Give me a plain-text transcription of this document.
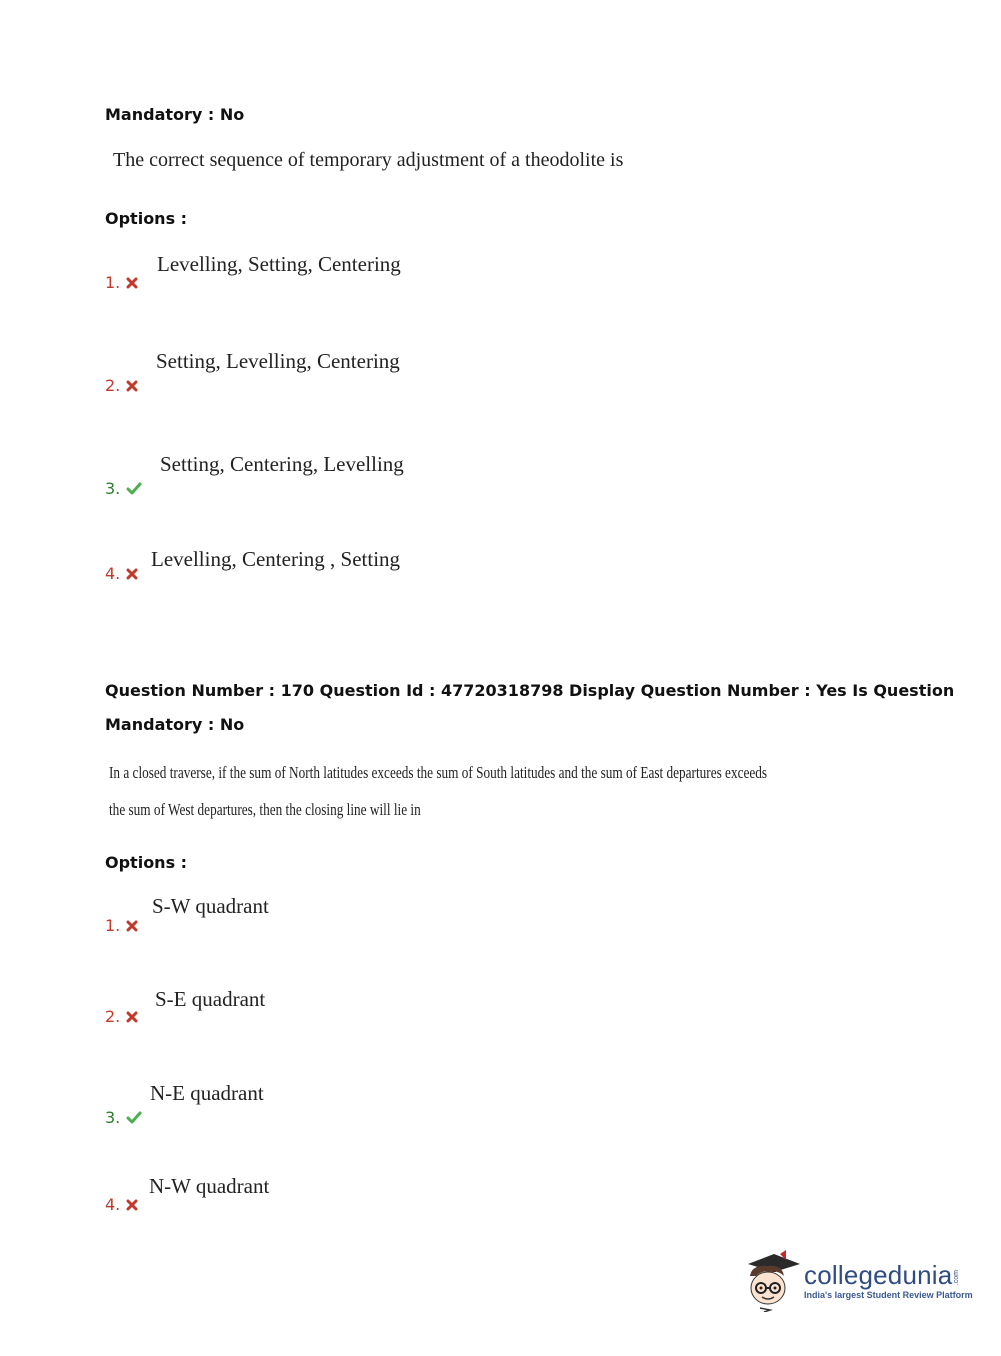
Mandatory : No
The correct sequence of temporary adjustment of a theodolite is
Options :
Levelling, Setting, Centering
1.
Setting, Levelling, Centering
2.
Setting, Centering, Levelling
3.
Levelling, Centering , Setting
4.
Question Number : 170 Question Id : 47720318798 Display Question Number : Yes Is Question
Mandatory : No
In a closed traverse, if the sum of North latitudes exceeds the sum of South latitudes and the sum of East departures exceeds
the sum of West departures, then the closing line will lie in
Options :
S-W quadrant
1.
S-E quadrant
2.
N-E quadrant
3.
N-W quadrant
4.
collegedunia .com
India's largest Student Review Platform
